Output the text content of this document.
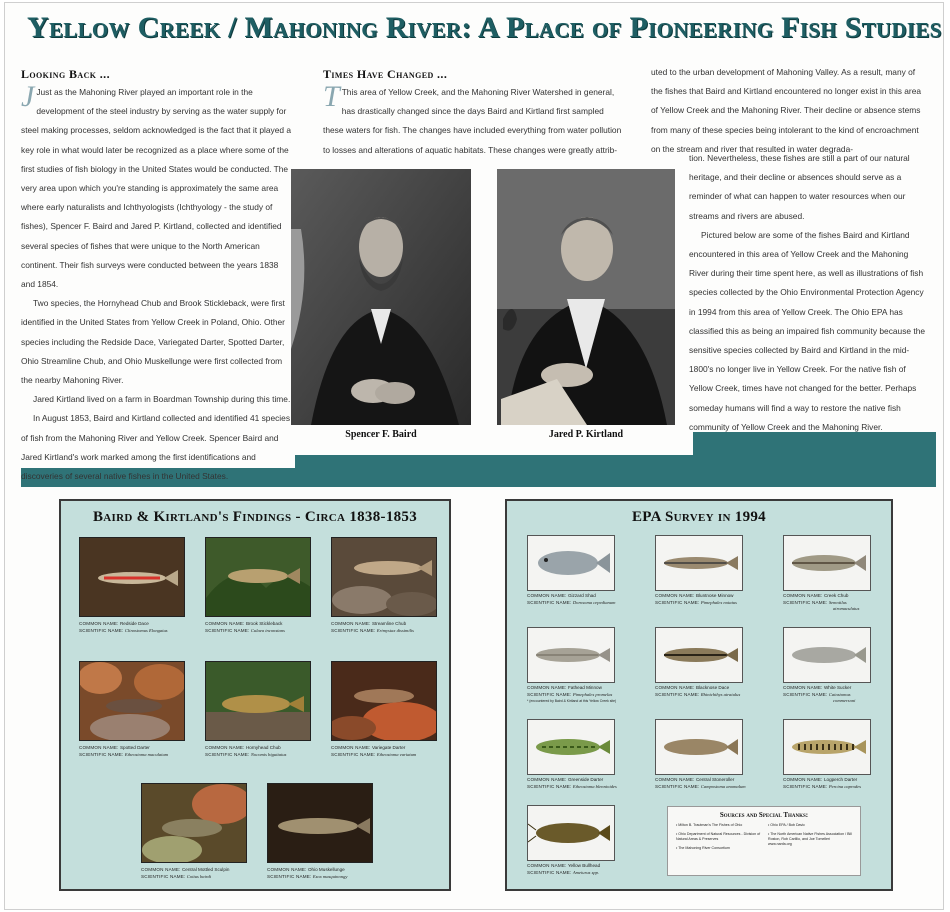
Yellow Creek / Mahoning River: A Place of Pioneering Fish Studies
Looking Back ...

J Just as the Mahoning River played an important role in the development of the steel industry by serving as the water supply for steel making processes, seldom acknowledged is the fact that it played a key role in what would later be recognized as a place where some of the first studies of fish biology in the United States would be conducted. The very area upon which you're standing is approximately the same area where early naturalists and Ichthyologists (Ichthyology - the study of fishes), Spencer F. Baird and Jared P. Kirtland, collected and identified several species of fishes that were unique to the North American continent. Their fish surveys were conducted between the years 1838 and 1854.

Two species, the Hornyhead Chub and Brook Stickleback, were first identified in the United States from Yellow Creek in Poland, Ohio. Other species including the Redside Dace, Variegated Darter, Spotted Darter, Ohio Streamline Chub, and Ohio Muskellunge were first collected from the nearby Mahoning River.

Jared Kirtland lived on a farm in Boardman Township during this time.

In August 1853, Baird and Kirtland collected and identified 41 species of fish from the Mahoning River and Yellow Creek. Spencer Baird and Jared Kirtland's work marked among the first identifications and discoveries of several native fishes in the United States.

Times Have Changed ...

T This area of Yellow Creek, and the Mahoning River Watershed in general, has drastically changed since the days Baird and Kirtland first sampled these waters for fish. The changes have included everything from water pollution to losses and alterations of aquatic habitats. These changes were greatly attrib-

uted to the urban development of Mahoning Valley. As a result, many of the fishes that Baird and Kirtland encountered no longer exist in this area of Yellow Creek and the Mahoning River. Their decline or absence stems from many of these species being intolerant to the kind of encroachment on the stream and river that resulted in water degrada-

tion. Nevertheless, these fishes are still a part of our natural heritage, and their decline or absences should serve as a reminder of what can happen to water resources when our streams and rivers are abused.

Pictured below are some of the fishes Baird and Kirtland encountered in this area of Yellow Creek and the Mahoning River during their time spent here, as well as illustrations of fish species collected by the Ohio Environmental Protection Agency in 1994 from this area of Yellow Creek. The Ohio EPA has classified this as being an impaired fish community because the sensitive species collected by Baird and Kirtland in the mid-1800's no longer live in Yellow Creek. For the native fish of Yellow Creek, times have not changed for the better. Perhaps someday humans will find a way to restore the native fish community of Yellow Creek and the Mahoning River.

Spencer F. Baird	Jared P. Kirtland
Baird & Kirtland's Findings - Circa 1838-1853
COMMON NAME: Redside Dace
SCIENTIFIC NAME: Clinostomus Elongatus
COMMON NAME: Brook Stickleback
SCIENTIFIC NAME: Culaea inconstans
COMMON NAME: Streamline Chub
SCIENTIFIC NAME: Erimystax dissimilis
COMMON NAME: Spotted Darter
SCIENTIFIC NAME: Etheostoma maculatum
COMMON NAME: Hornyhead Chub
SCIENTIFIC NAME: Nocomis biguttatus
COMMON NAME: Variegate Darter
SCIENTIFIC NAME: Etheostoma variatum
COMMON NAME: Central Mottled Sculpin
SCIENTIFIC NAME: Cottus bairdi
COMMON NAME: Ohio Muskellunge
SCIENTIFIC NAME: Esox masquinongy
EPA Survey in 1994
COMMON NAME: Gizzard Shad
SCIENTIFIC NAME: Dorosoma cepedianum
COMMON NAME: Bluntnose Minnow
SCIENTIFIC NAME: Pimephales notatus
COMMON NAME: Creek Chub
SCIENTIFIC NAME: Semotilus
atromaculatus
COMMON NAME: Fathead Minnow
SCIENTIFIC NAME: Pimephales promelas
* (encountered by Baird & Kirtland at this Yellow Creek site)
COMMON NAME: Blacknose Dace
SCIENTIFIC NAME: Rhinichthys atratulus
COMMON NAME: White Sucker
SCIENTIFIC NAME: Catostomus
commersoni
COMMON NAME: Greenside Darter
SCIENTIFIC NAME: Etheostoma blennioides
COMMON NAME: Central Stoneroller
SCIENTIFIC NAME: Campostoma anomalum
COMMON NAME: Logperch Darter
SCIENTIFIC NAME: Percina caprodes
COMMON NAME: Yellow Bullhead
SCIENTIFIC NAME: Ameiurus spp.
Sources and Special Thanks:
• Milton B. Trautman's The Fishes of Ohio
• Ohio Department of Natural Resources - Division of Natural Areas & Preserves
• The Mahoning River Consortium
• Ohio EPA / Bob Davic
• The North American Native Fishes Association / Bill Roston, Rob Carillio, and Joe Tomelleri
www.nanfa.org
